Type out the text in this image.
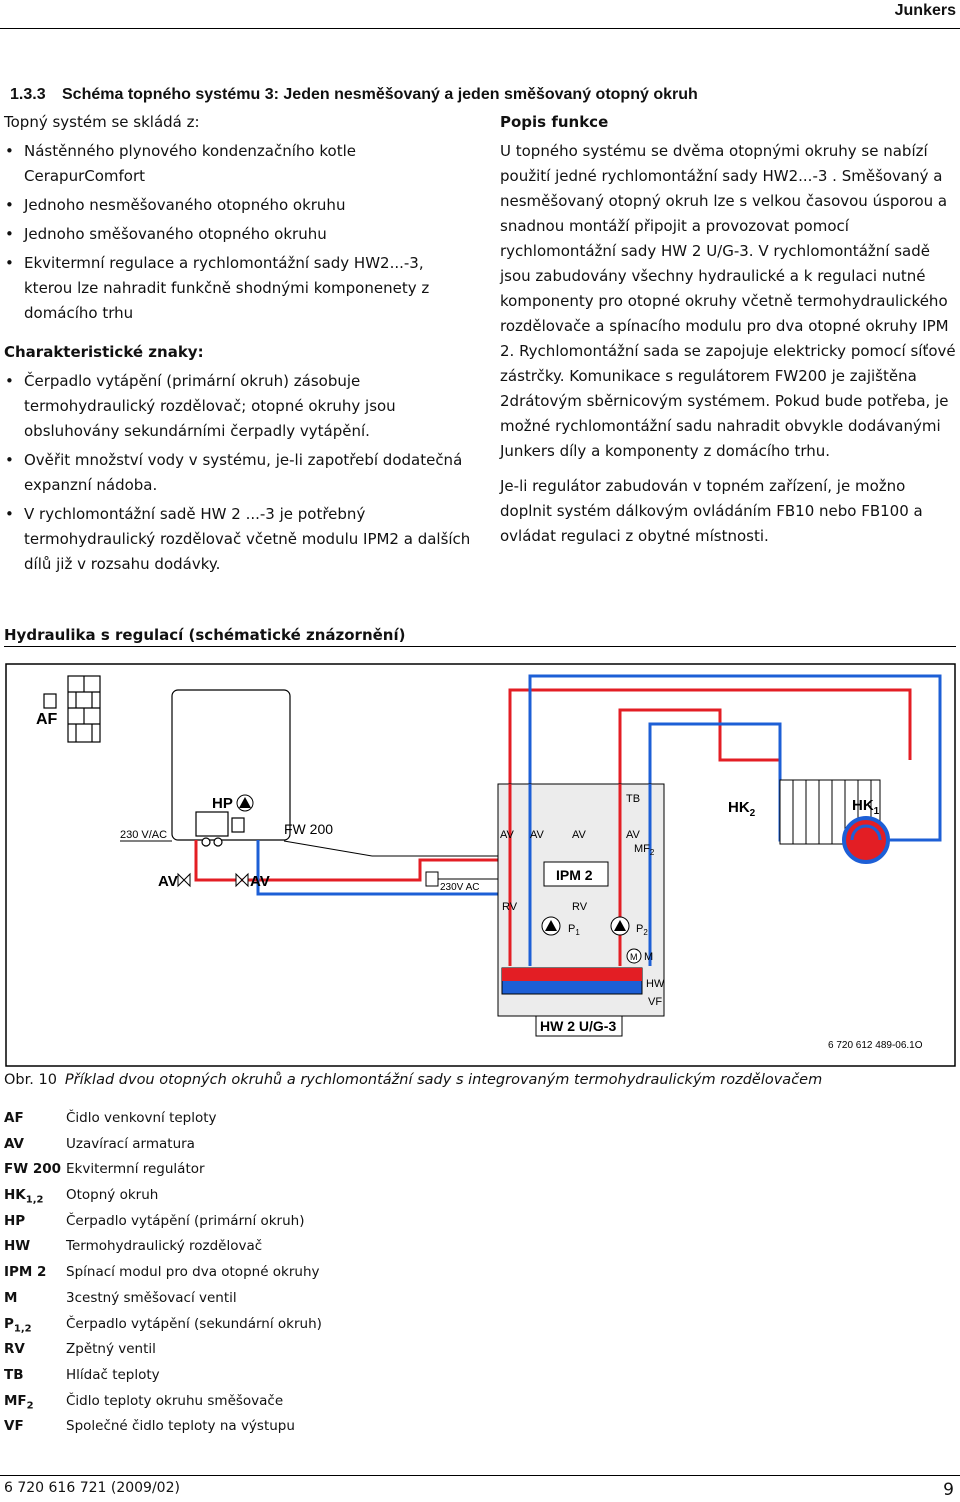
Junkers
1.3.3 Schéma topného systému 3: Jeden nesměšovaný a jeden směšovaný otopný okruh

Topný systém se skládá z:

• Nástěnného plynového kondenzačního kotle CerapurComfort
• Jednoho nesměšovaného otopného okruhu
• Jednoho směšovaného otopného okruhu
• Ekvitermní regulace a rychlomontážní sady HW2...-3, kterou lze nahradit funkčně shodnými komponenety z domácího trhu

Charakteristické znaky:

• Čerpadlo vytápění (primární okruh) zásobuje termohydraulický rozdělovač; otopné okruhy jsou obsluhovány sekundárními čerpadly vytápění.
• Ověřit množství vody v systému, je-li zapotřebí dodatečná expanzní nádoba.
• V rychlomontážní sadě HW 2 ...-3 je potřebný termohydraulický rozdělovač včetně modulu IPM2 a dalších dílů již v rozsahu dodávky.

Popis funkce

U topného systému se dvěma otopnými okruhy se nabízí použití jedné rychlomontážní sady HW2...-3 . Směšovaný a nesměšovaný otopný okruh lze s velkou časovou úsporou a snadnou montáží připojit a provozovat pomocí rychlomontážní sady HW 2 U/G-3. V rychlomontážní sadě jsou zabudovány všechny hydraulické a k regulaci nutné komponenty pro otopné okruhy včetně termohydraulického rozdělovače a spínacího modulu pro dva otopné okruhy IPM 2. Rychlomontážní sada se zapojuje elektricky pomocí síťové zástrčky. Komunikace s regulátorem FW200 je zajištěna 2drátovým sběrnicovým systémem. Pokud bude potřeba, je možné rychlomontážní sadu nahradit obvykle dodávanými Junkers díly a komponenty z domácího trhu.

Je-li regulátor zabudován v topném zařízení, je možno doplnit systém dálkovým ovládáním FB10 nebo FB100 a ovládat regulaci z obytné místnosti.

Hydraulika s regulací (schématické znázornění)
AF
HP
230 V/AC	FW 200
AV	AV	230V AC
IPM 2
AV AV	AV	AV
TB
$MF_2$
RV	RV
$P_1$	$P_2$
M M
HW
VF
HW 2 U/G-3
$HK_2$	$HK_1$
6 720 612 489-06.1O
Obr. 10 Příklad dvou otopných okruhů a rychlomontážní sady s integrovaným termohydraulickým rozdělovačem
AF	Čidlo venkovní teploty
AV	Uzavírací armatura
FW 200 Ekvitermní regulátor
$HK_{1,2}$	Otopný okruh
HP	Čerpadlo vytápění (primární okruh)
HW	Termohydraulický rozdělovač
IPM 2	Spínací modul pro dva otopné okruhy
M	3cestný směšovací ventil
$P_{1,2}$	Čerpadlo vytápění (sekundární okruh)
RV	Zpětný ventil
TB	Hlídač teploty
$MF_2$	Čidlo teploty okruhu směšovače
VF	Společné čidlo teploty na výstupu
6 720 616 721 (2009/02)	9
